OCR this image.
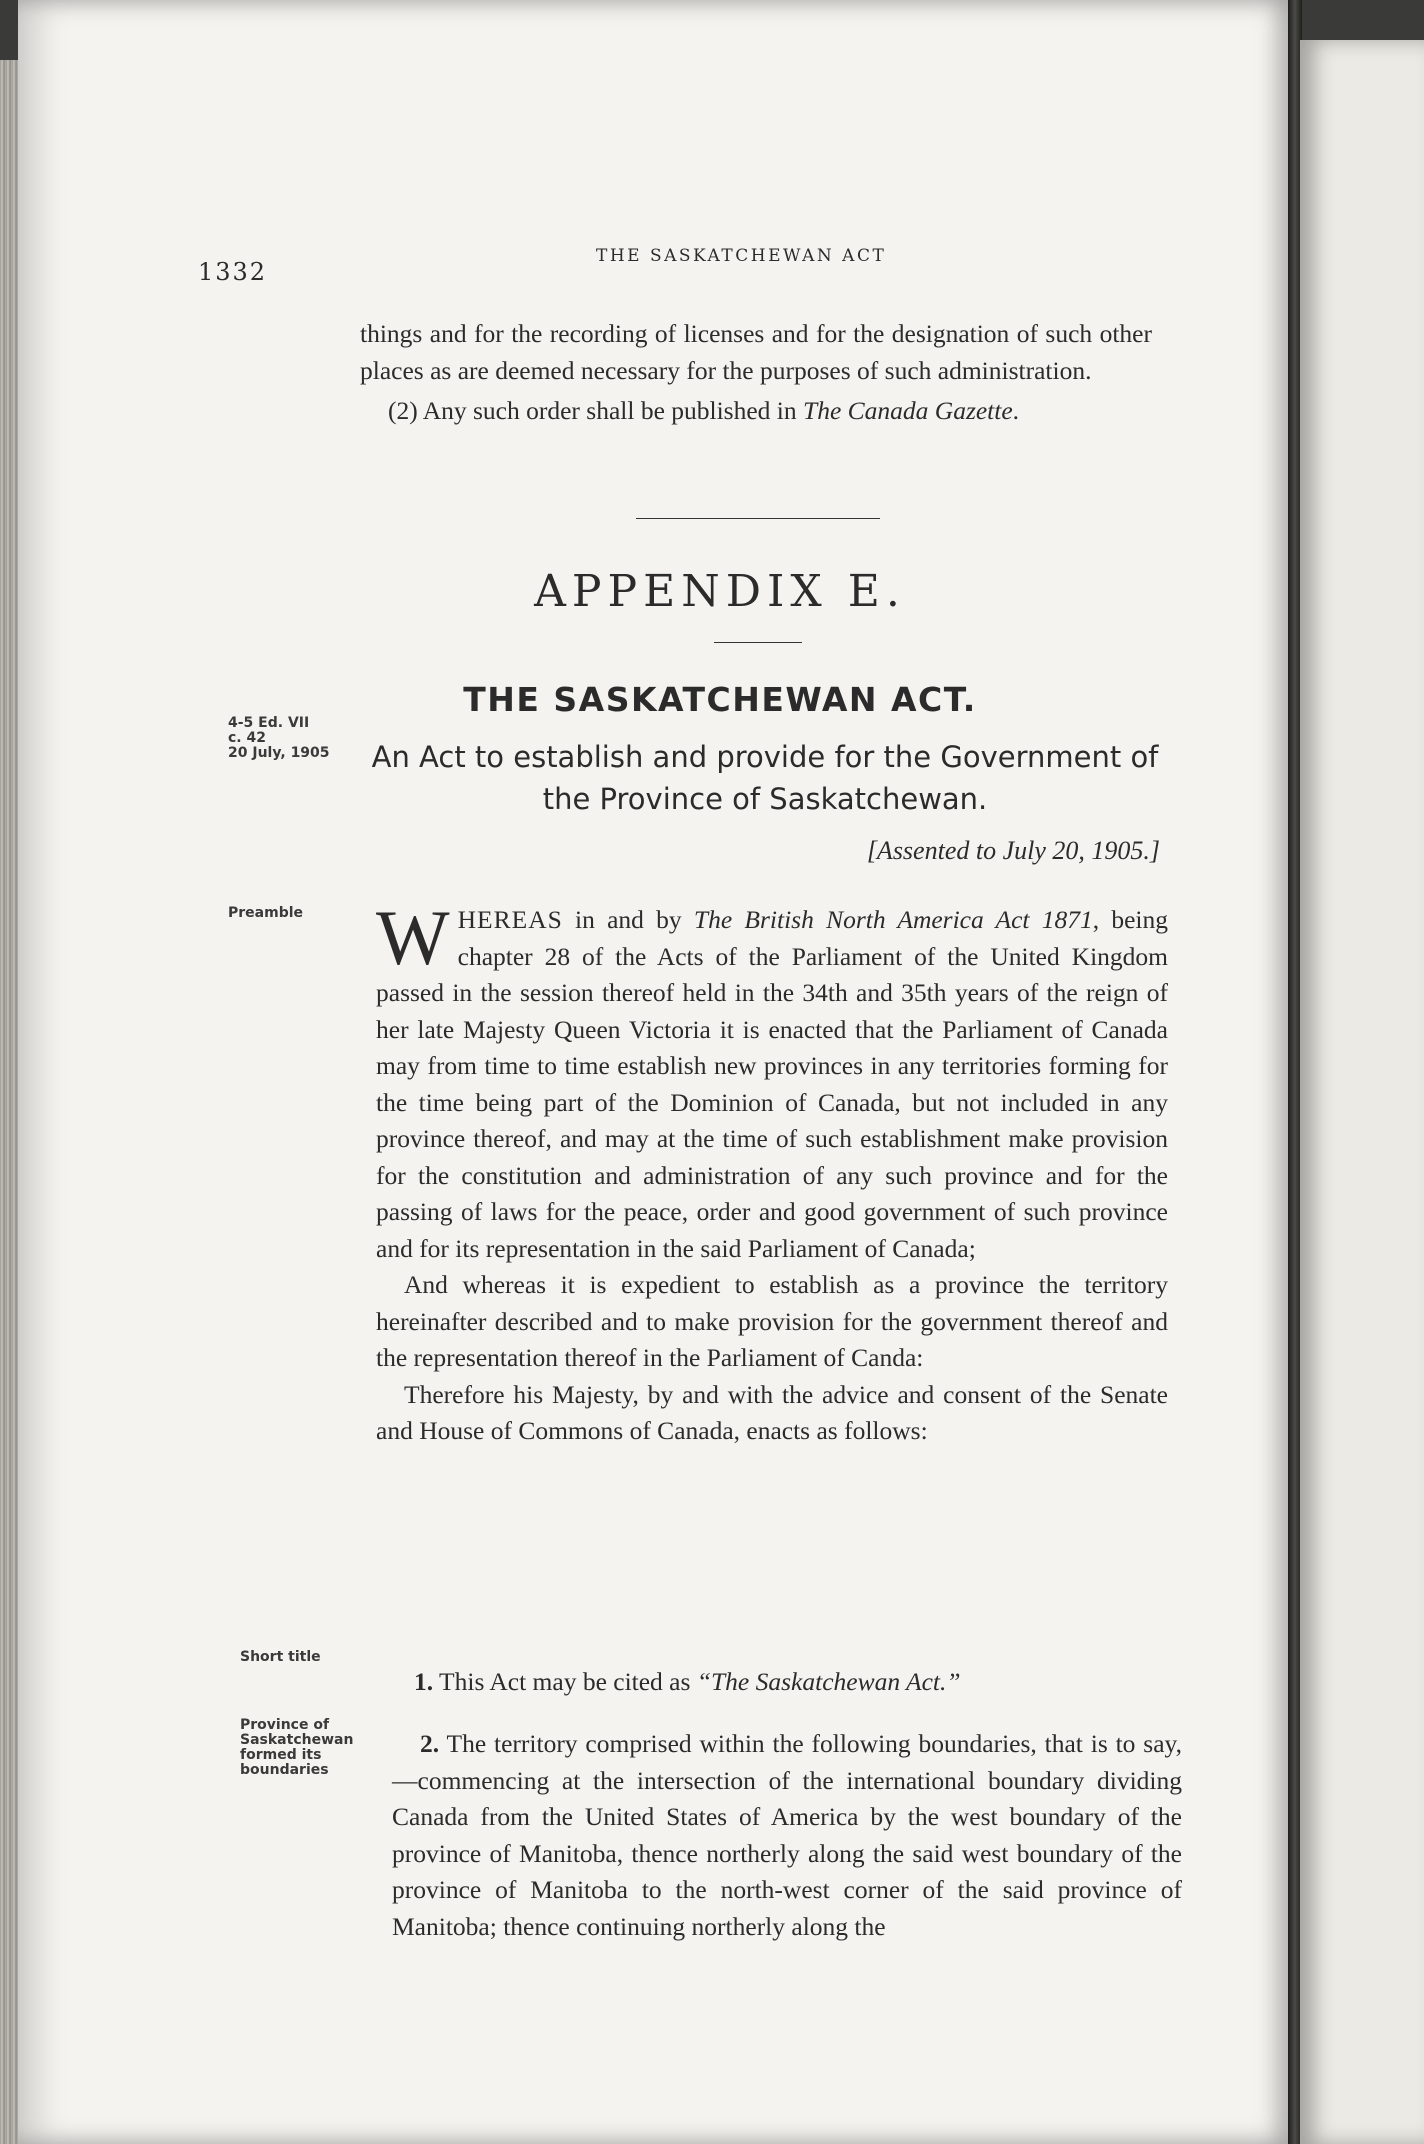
1332
THE SASKATCHEWAN ACT

things and for the recording of licenses and for the designation of such other places as are deemed necessary for the purposes of such administration.

(2) Any such order shall be published in The Canada Gazette.

APPENDIX E.
THE SASKATCHEWAN ACT.
4-5 Ed. VII
c. 42
20 July, 1905	An Act to establish and provide for the Government of the Province of Saskatchewan.
[Assented to July 20, 1905.]
Preamble WHEREAS in and by The British North America Act 1871, being chapter 28 of the Acts of the Parliament of the United Kingdom passed in the session thereof held in the 34th and 35th years of the reign of her late Majesty Queen Victoria it is enacted that the Parliament of Canada may from time to time establish new provinces in any territories forming for the time being part of the Dominion of Canada, but not included in any province thereof, and may at the time of such establishment make provision for the constitution and administration of any such province and for the passing of laws for the peace, order and good government of such province and for its representation in the said Parliament of Canada;

And whereas it is expedient to establish as a province the territory hereinafter described and to make provision for the government thereof and the representation thereof in the Parliament of Canda:

Therefore his Majesty, by and with the advice and consent of the Senate and House of Commons of Canada, enacts as follows:

Short title

1. This Act may be cited as “The Saskatchewan Act.”

Province of
Saskatchewan
formed its
boundaries

2. The territory comprised within the following boundaries, that is to say,—commencing at the intersection of the international boundary dividing Canada from the United States of America by the west boundary of the province of Manitoba, thence northerly along the said west boundary of the province of Manitoba to the north-west corner of the said province of Manitoba; thence continuing northerly along the
